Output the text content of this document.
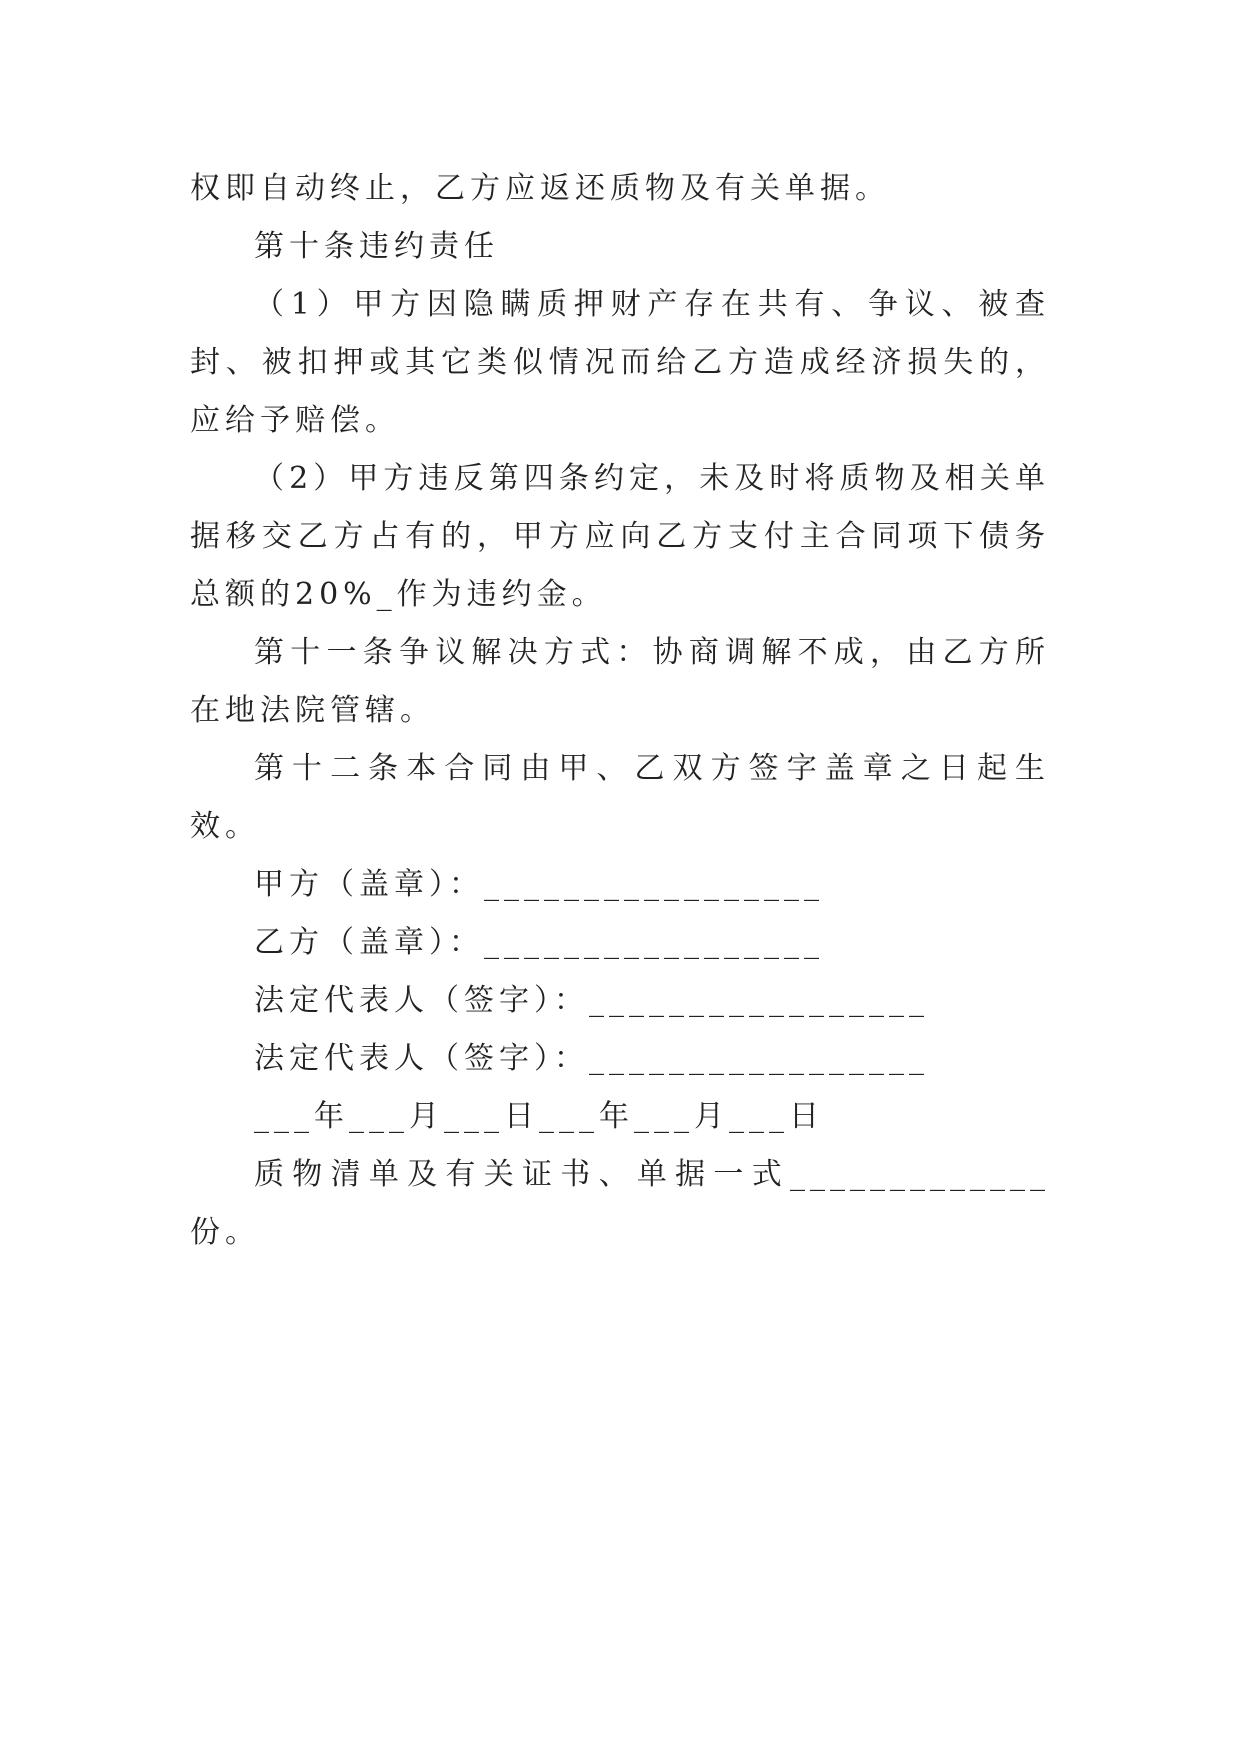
权即自动终止，乙方应返还质物及有关单据。

第十条违约责任

（1）甲方因隐瞒质押财产存在共有、争议、被查封、被扣押或其它类似情况而给乙方造成经济损失的，应给予赔偿。

（2）甲方违反第四条约定，未及时将质物及相关单据移交乙方占有的，甲方应向乙方支付主合同项下债务总额的20%_作为违约金。

第十一条争议解决方式：协商调解不成，由乙方所在地法院管辖。

第十二条本合同由甲、乙双方签字盖章之日起生效。

甲方（盖章）：_________________

乙方（盖章）：_________________

法定代表人（签字）：_________________

法定代表人（签字）：_________________

___年___月___日___年___月___日

质物清单及有关证书、单据一式_____________份。
